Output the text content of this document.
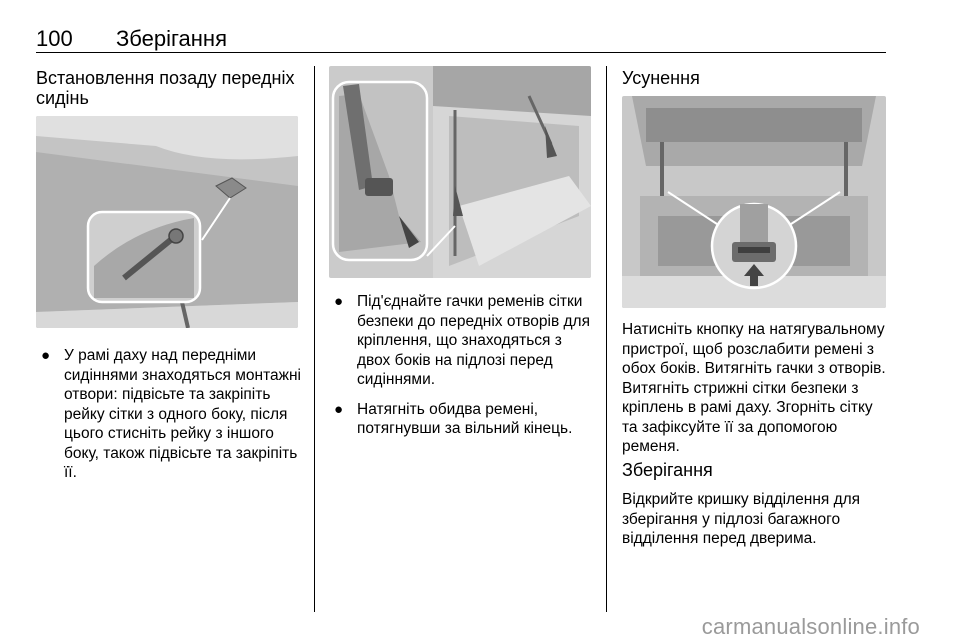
100 Зберігання
Встановлення позаду передніх
сидінь
● У рамі даху над передніми сидіннями знаходяться монтажні отвори: підвісьте та закріпіть рейку сітки з одного боку, після цього стисніть рейку з іншого боку, також підвісьте та закріпіть її.
● Під'єднайте гачки ременів сітки безпеки до передніх отворів для кріплення, що знаходяться з двох боків на підлозі перед сидіннями.
● Натягніть обидва ремені, потягнувши за вільний кінець.
Усунення

Натисніть кнопку на натягувальному пристрої, щоб розслабити ремені з обох боків. Витягніть гачки з отворів. Витягніть стрижні сітки безпеки з кріплень в рамі даху. Згорніть сітку та зафіксуйте її за допомогою ременя.

Зберігання

Відкрийте кришку відділення для зберігання у підлозі багажного відділення перед дверима.

carmanualsonline.info
